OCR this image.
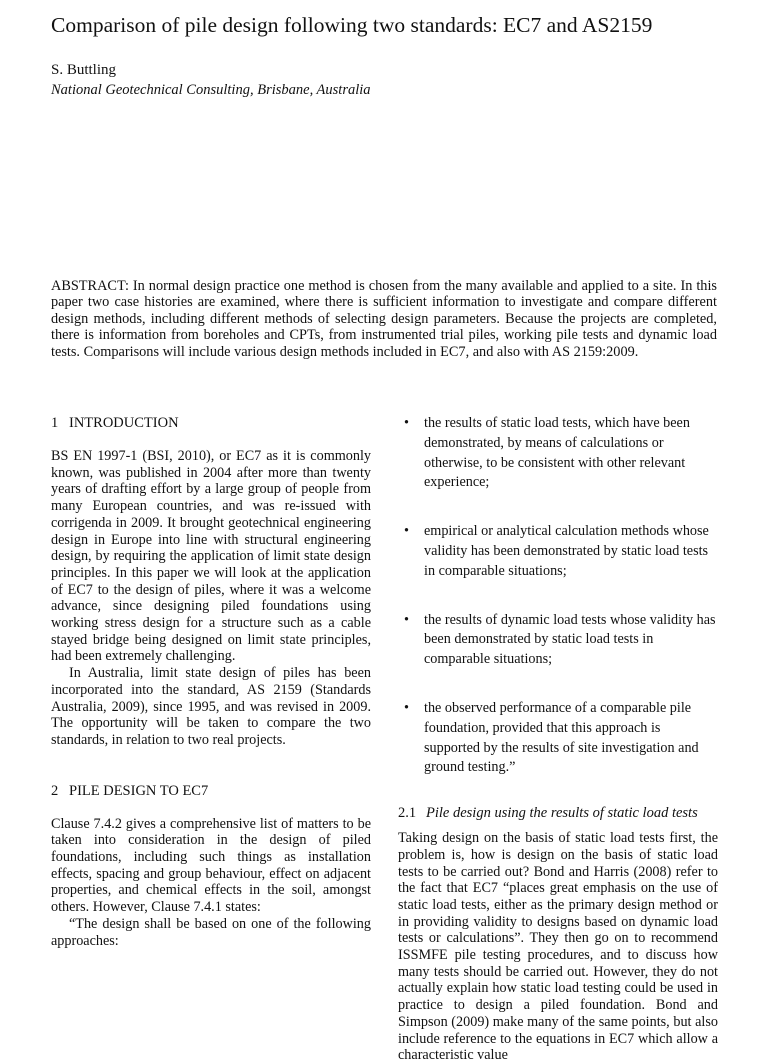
Comparison of pile design following two standards: EC7 and AS2159
S. Buttling
National Geotechnical Consulting, Brisbane, Australia

ABSTRACT: In normal design practice one method is chosen from the many available and applied to a site. In this paper two case histories are examined, where there is sufficient information to investigate and compare different design methods, including different methods of selecting design parameters. Because the projects are completed, there is information from boreholes and CPTs, from instrumented trial piles, working pile tests and dynamic load tests. Comparisons will include various design methods included in EC7, and also with AS 2159:2009.

1 INTRODUCTION

BS EN 1997-1 (BSI, 2010), or EC7 as it is commonly known, was published in 2004 after more than twenty years of drafting effort by a large group of people from many European countries, and was re-issued with corrigenda in 2009. It brought geotechnical engineering design in Europe into line with structural engineering design, by requiring the application of limit state design principles. In this paper we will look at the application of EC7 to the design of piles, where it was a welcome advance, since designing piled foundations using working stress design for a structure such as a cable stayed bridge being designed on limit state principles, had been extremely challenging.

In Australia, limit state design of piles has been incorporated into the standard, AS 2159 (Standards Australia, 2009), since 1995, and was revised in 2009. The opportunity will be taken to compare the two standards, in relation to two real projects.

2 PILE DESIGN TO EC7

Clause 7.4.2 gives a comprehensive list of matters to be taken into consideration in the design of piled foundations, including such things as installation effects, spacing and group behaviour, effect on adjacent properties, and chemical effects in the soil, amongst others. However, Clause 7.4.1 states:

“The design shall be based on one of the following approaches:

• the results of static load tests, which have been demonstrated, by means of calculations or otherwise, to be consistent with other relevant experience;
• empirical or analytical calculation methods whose validity has been demonstrated by static load tests in comparable situations;
• the results of dynamic load tests whose validity has been demonstrated by static load tests in comparable situations;
• the observed performance of a comparable pile foundation, provided that this approach is supported by the results of site investigation and ground testing.”
2.1 Pile design using the results of static load tests

Taking design on the basis of static load tests first, the problem is, how is design on the basis of static load tests to be carried out? Bond and Harris (2008) refer to the fact that EC7 “places great emphasis on the use of static load tests, either as the primary design method or in providing validity to designs based on dynamic load tests or calculations”. They then go on to recommend ISSMFE pile testing procedures, and to discuss how many tests should be carried out. However, they do not actually explain how static load testing could be used in practice to design a piled foundation. Bond and Simpson (2009) make many of the same points, but also include reference to the equations in EC7 which allow a characteristic value
